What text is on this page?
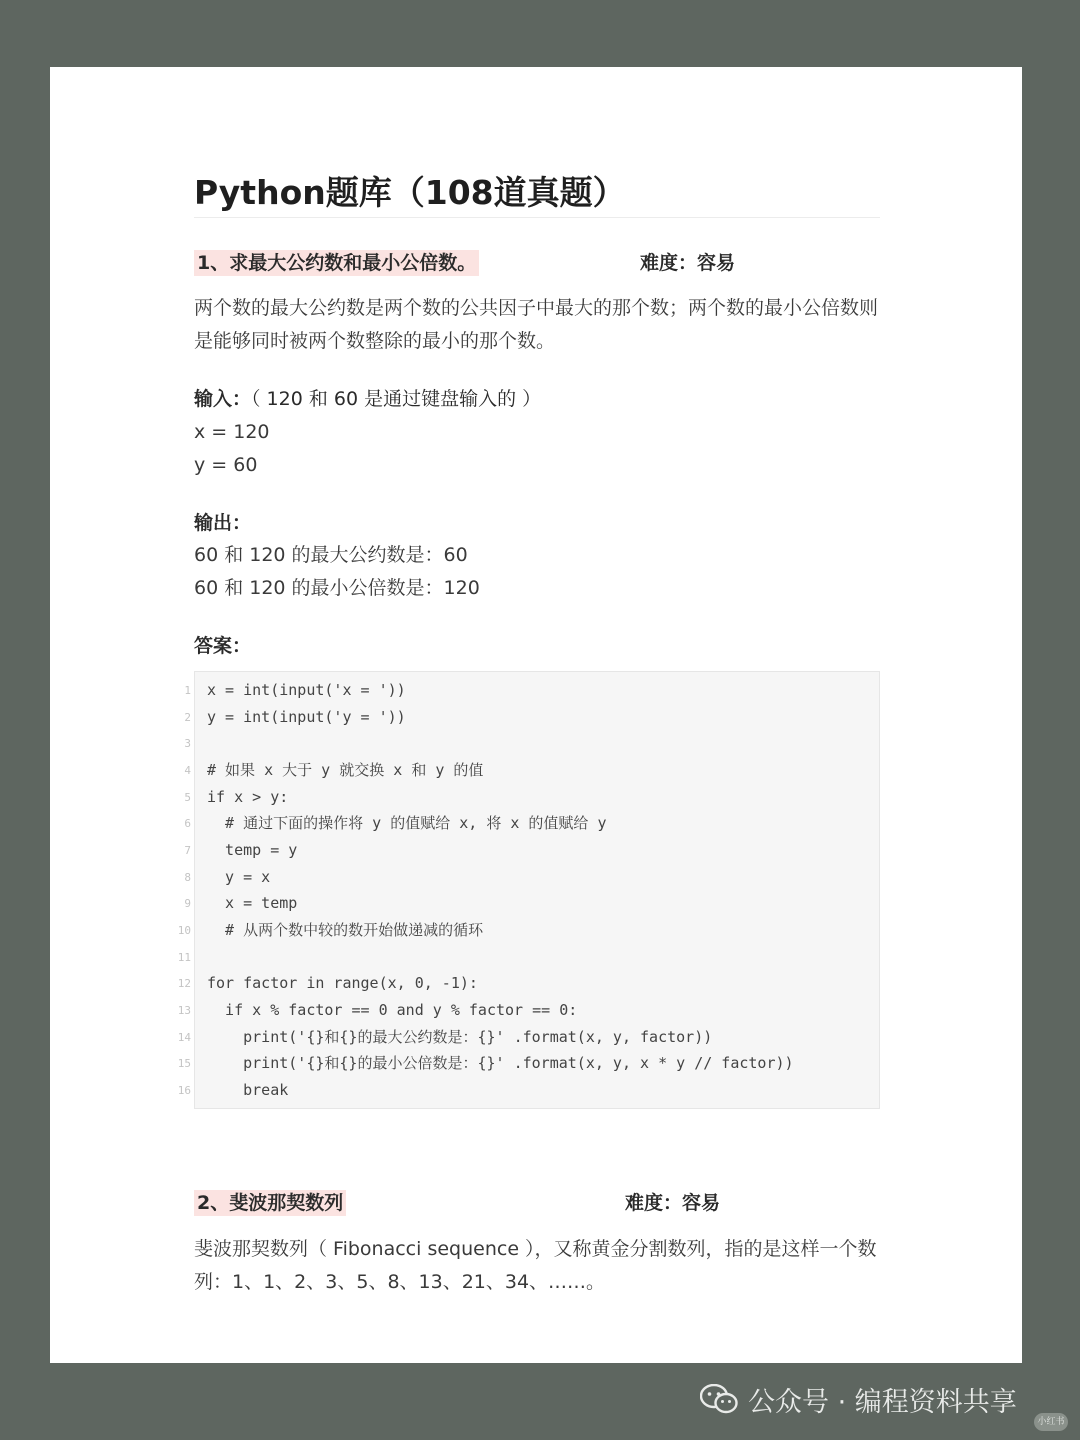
Python题库（108道真题）
1、求最大公约数和最小公倍数。	难度：容易
两个数的最大公约数是两个数的公共因子中最大的那个数；两个数的最小公倍数则是能够同时被两个数整除的最小的那个数。
输入：（ 120 和 60 是通过键盘输入的 ）
x = 120
y = 60
输出：
60 和 120 的最大公约数是：60
60 和 120 的最小公倍数是：120
答案：
1 x = int(input('x = '))
2 y = int(input('y = '))
3
4 # 如果 x 大于 y 就交换 x 和 y 的值
5 if x > y:
6 # 通过下面的操作将 y 的值赋给 x, 将 x 的值赋给 y
7 temp = y
8 y = x
9 x = temp
10 # 从两个数中较的数开始做递减的循环
11
12 for factor in range(x, 0, -1):
13 if x % factor == 0 and y % factor == 0:
14 print('{}和{}的最大公约数是：{}' .format(x, y, factor))
15 print('{}和{}的最小公倍数是：{}' .format(x, y, x * y // factor))
16 break
2、斐波那契数列	难度：容易
斐波那契数列（ Fibonacci sequence ），又称黄金分割数列，指的是这样一个数列：1、1、2、3、5、8、13、21、34、……。
公众号 · 编程资料共享
小红书
